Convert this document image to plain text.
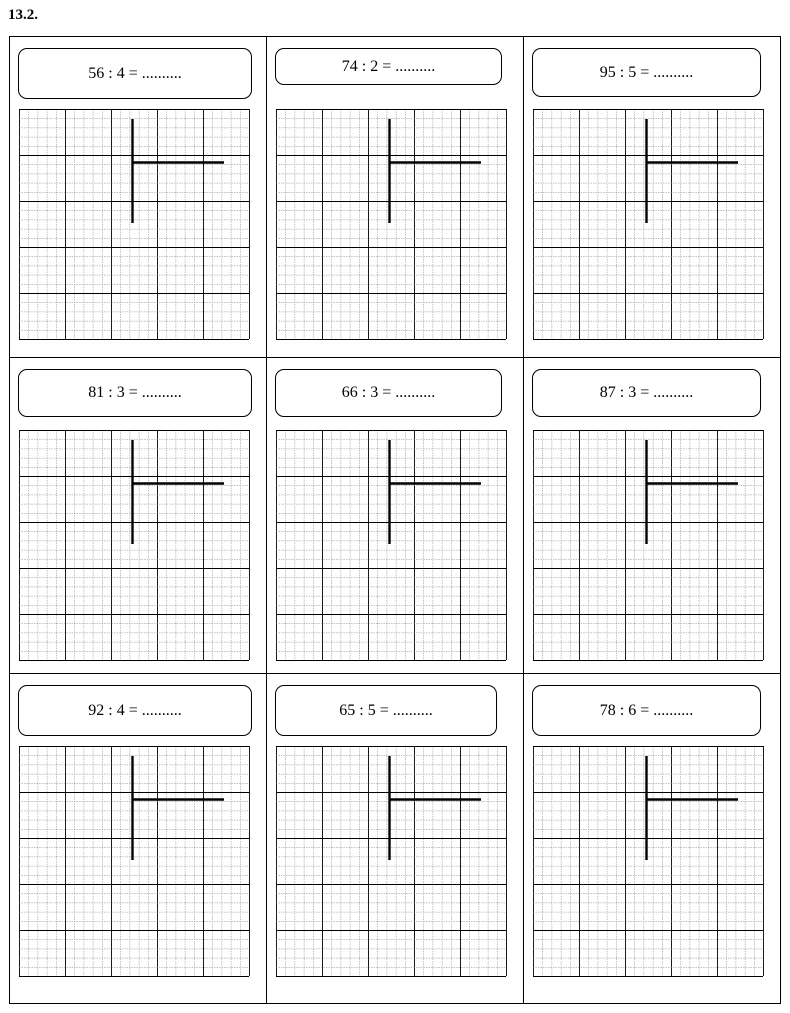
13.2.
56 : 4 = ..........	74 : 2 = ..........	95 : 5 = ..........
81 : 3 = ..........	66 : 3 = ..........	87 : 3 = ..........
92 : 4 = ..........	65 : 5 = ..........	78 : 6 = ..........
